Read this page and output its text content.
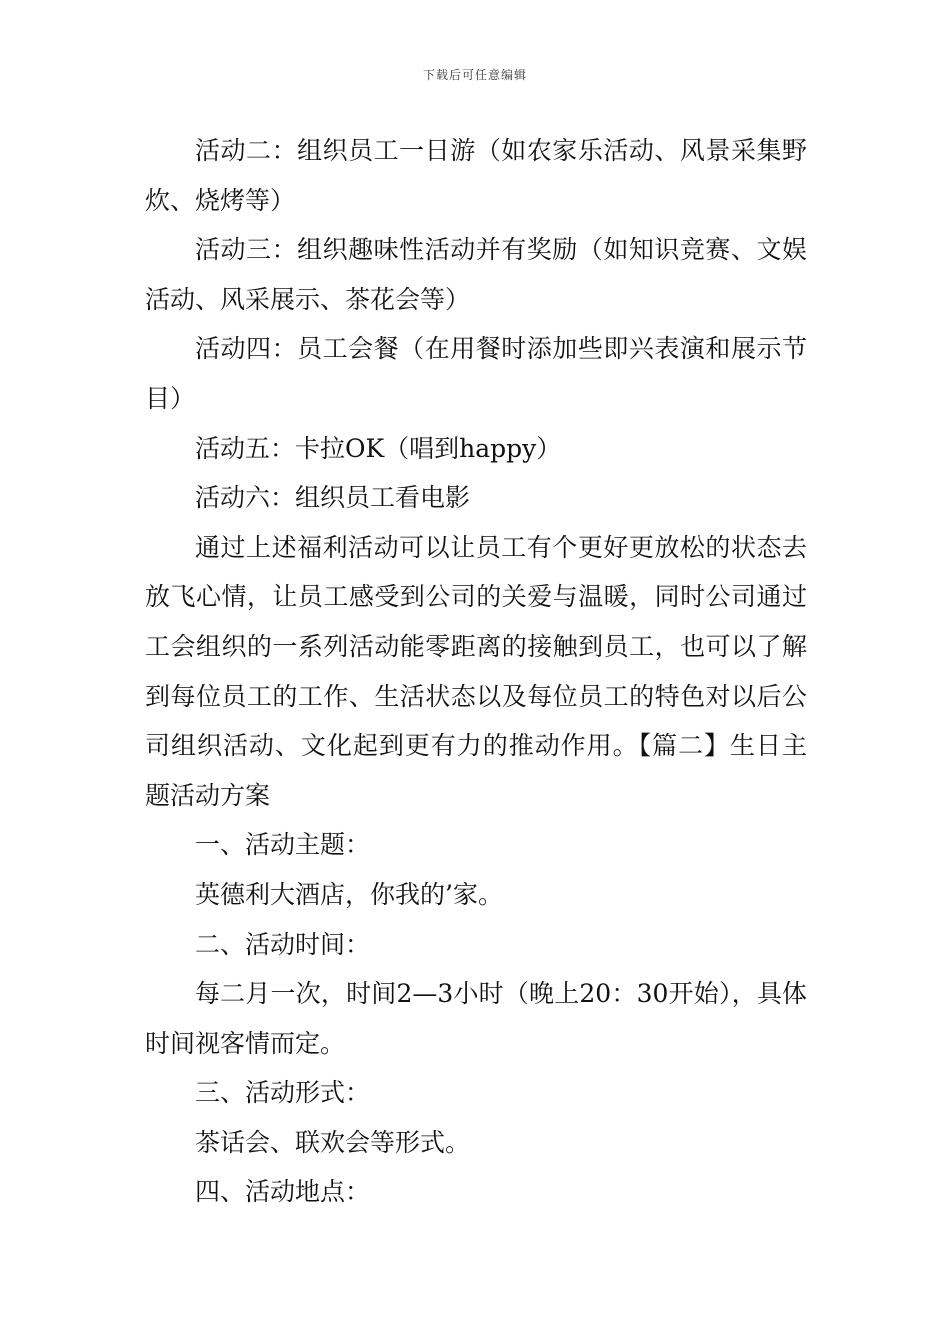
下载后可任意编辑

活动二：组织员工一日游（如农家乐活动、风景采集野炊、烧烤等）

活动三：组织趣味性活动并有奖励（如知识竞赛、文娱活动、风采展示、茶花会等）

活动四：员工会餐（在用餐时添加些即兴表演和展示节目）

活动五：卡拉OK（唱到happy）

活动六：组织员工看电影

通过上述福利活动可以让员工有个更好更放松的状态去放飞心情，让员工感受到公司的关爱与温暖，同时公司通过工会组织的一系列活动能零距离的接触到员工，也可以了解到每位员工的工作、生活状态以及每位员工的特色对以后公司组织活动、文化起到更有力的推动作用。【篇二】生日主题活动方案

一、活动主题：

英德利大酒店，你我的’家。

二、活动时间：

每二月一次，时间2—3小时（晚上20：30开始），具体时间视客情而定。

三、活动形式：

茶话会、联欢会等形式。

四、活动地点：
